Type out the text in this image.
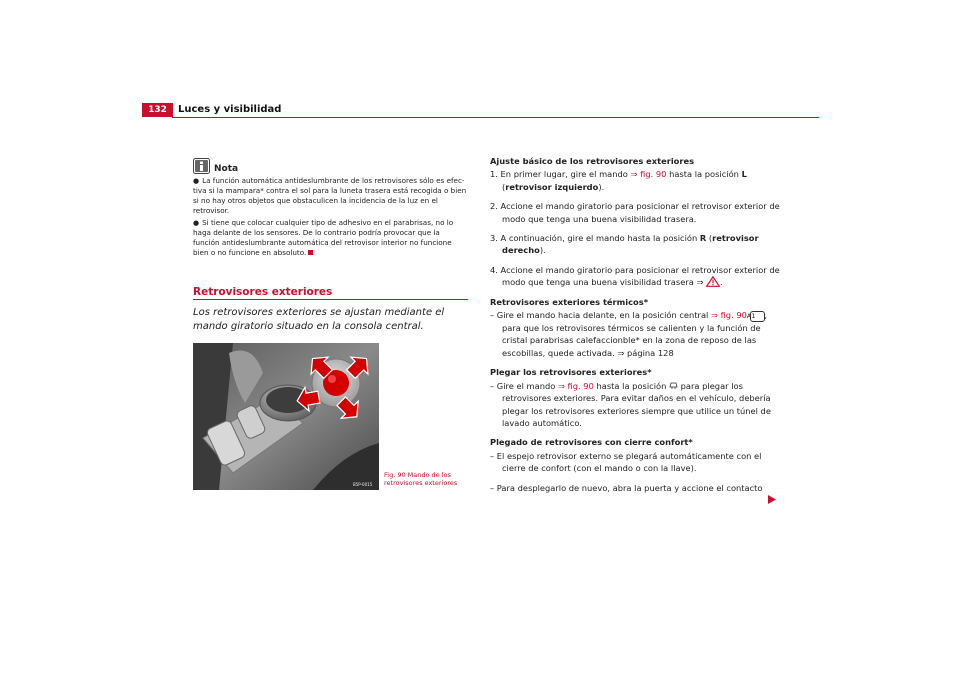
132	Luces y visibilidad
Nota
● La función automática antideslumbrante de los retrovisores sólo es efec-tiva si la mampara* contra el sol para la luneta trasera está recogida o bien si no hay otros objetos que obstaculicen la incidencia de la luz en el retrovisor.
● Si tiene que colocar cualquier tipo de adhesivo en el parabrisas, no lo haga delante de los sensores. De lo contrario podría provocar que la función antideslumbrante automática del retrovisor interior no funcione bien o no funcione en absoluto.
Retrovisores exteriores
Los retrovisores exteriores se ajustan mediante el mando giratorio situado en la consola central.
B5P-0015
Fig. 90 Mando de los
retrovisores exteriores
Ajuste básico de los retrovisores exteriores
1. En primer lugar, gire el mando ⇒ fig. 90 hasta la posición L (retrovisor izquierdo).
2. Accione el mando giratorio para posicionar el retrovisor exterior de modo que tenga una buena visibilidad trasera.
3. A continuación, gire el mando hasta la posición R (retrovisor derecho).
4. Accione el mando giratorio para posicionar el retrovisor exterior de modo que tenga una buena visibilidad trasera ⇒ .
Retrovisores exteriores térmicos*
– Gire el mando hacia delante, en la posición central ⇒ fig. 90 A1 , para que los retrovisores térmicos se calienten y la función de cristal parabrisas calefaccionble* en la zona de reposo de las escobillas, quede activada. ⇒ página 128
Plegar los retrovisores exteriores*
– Gire el mando ⇒ fig. 90 hasta la posición  para plegar los retrovisores exteriores. Para evitar daños en el vehículo, debería plegar los retrovisores exteriores siempre que utilice un túnel de lavado automático.
Plegado de retrovisores con cierre confort*
– El espejo retrovisor externo se plegará automáticamente con el cierre de confort (con el mando o con la llave).
– Para desplegarlo de nuevo, abra la puerta y accione el contacto
